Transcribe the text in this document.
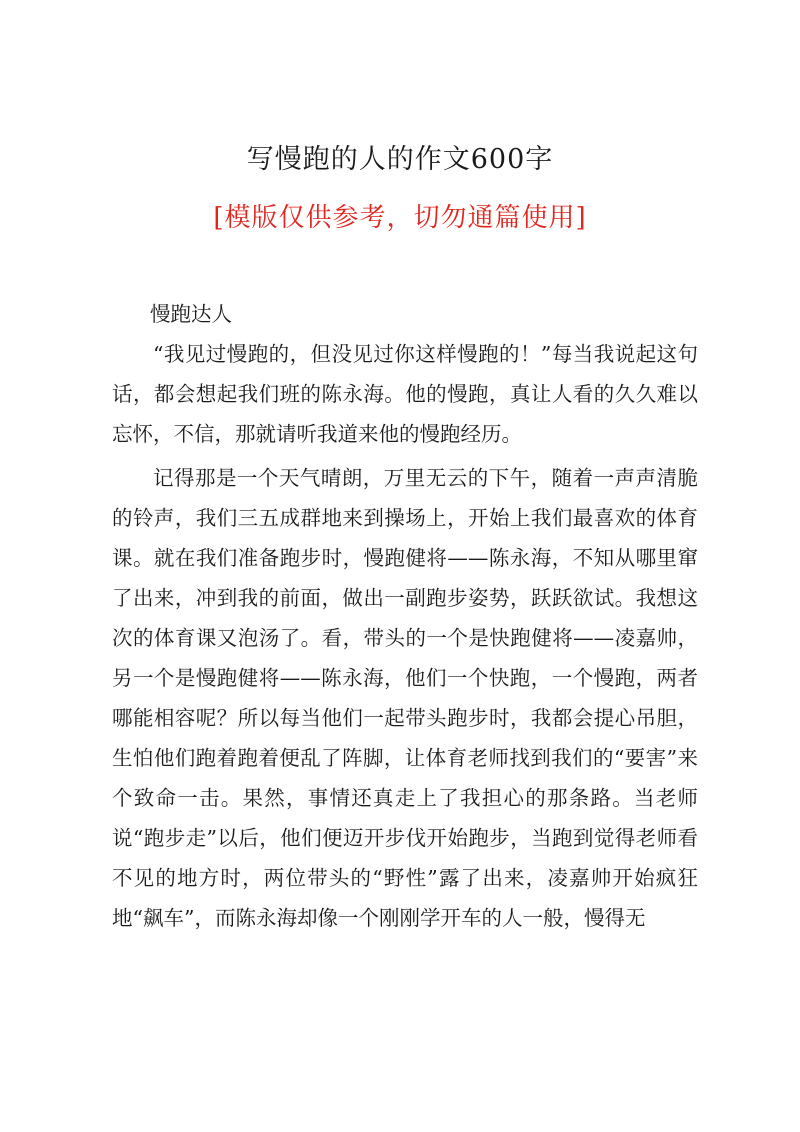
写慢跑的人的作文600字
[模版仅供参考，切勿通篇使用]
慢跑达人

“我见过慢跑的，但没见过你这样慢跑的！”每当我说起这句话，都会想起我们班的陈永海。他的慢跑，真让人看的久久难以忘怀，不信，那就请听我道来他的慢跑经历。

记得那是一个天气晴朗，万里无云的下午，随着一声声清脆的铃声，我们三五成群地来到操场上，开始上我们最喜欢的体育课。就在我们准备跑步时，慢跑健将——陈永海，不知从哪里窜了出来，冲到我的前面，做出一副跑步姿势，跃跃欲试。我想这次的体育课又泡汤了。看，带头的一个是快跑健将——凌嘉帅，另一个是慢跑健将——陈永海，他们一个快跑，一个慢跑，两者哪能相容呢？所以每当他们一起带头跑步时，我都会提心吊胆，生怕他们跑着跑着便乱了阵脚，让体育老师找到我们的“要害”来个致命一击。果然，事情还真走上了我担心的那条路。当老师说“跑步走”以后，他们便迈开步伐开始跑步，当跑到觉得老师看不见的地方时，两位带头的“野性”露了出来，凌嘉帅开始疯狂地“飙车”，而陈永海却像一个刚刚学开车的人一般，慢得无
